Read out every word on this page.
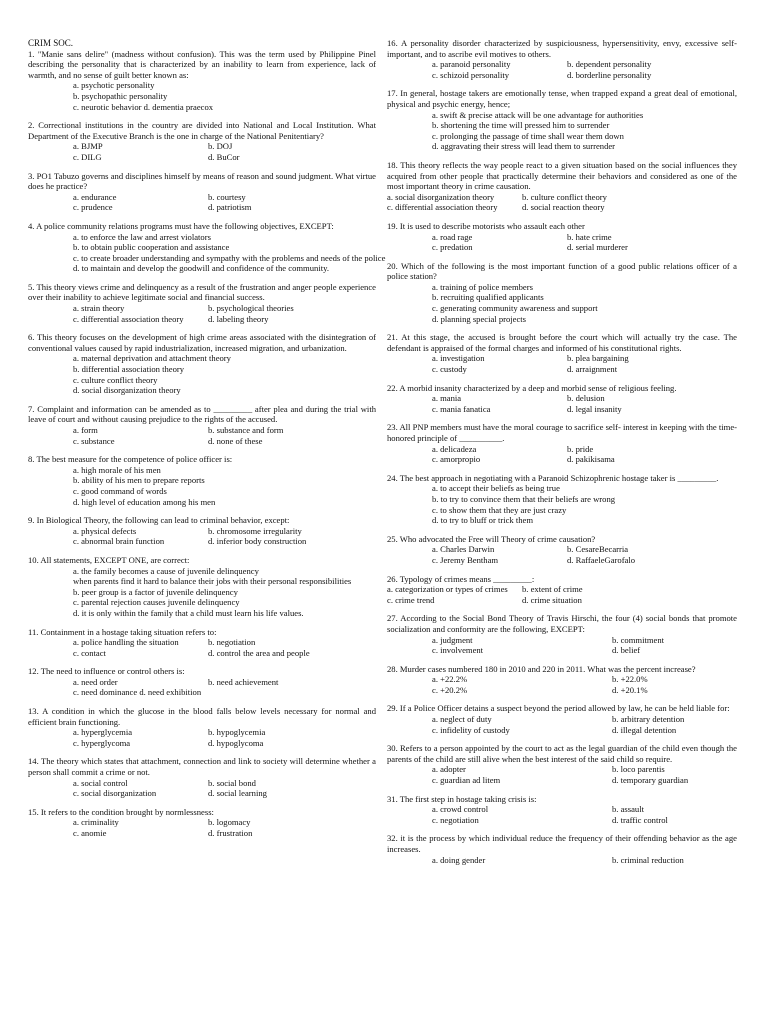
CRIM SOC.
1. "Manie sans delire" (madness without confusion). This was the term used by Philippine Pinel describing the personality that is characterized by an inability to learn from experience, lack of warmth, and no sense of guilt better known as:
a. psychotic personality
b. psychopathic personality
c. neurotic behavior d. dementia praecox
2. Correctional institutions in the country are divided into National and Local Institution. What Department of the Executive Branch is the one in charge of the National Penitentiary?
a. BJMP	b. DOJ
c. DILG	d. BuCor
3. PO1 Tabuzo governs and disciplines himself by means of reason and sound judgment. What virtue does he practice?
a. endurance	b. courtesy
c. prudence	d. patriotism
4. A police community relations programs must have the following objectives, EXCEPT:
a. to enforce the law and arrest violators
b. to obtain public cooperation and assistance
c. to create broader understanding and sympathy with the problems and needs of the police
d. to maintain and develop the goodwill and confidence of the community.
5. This theory views crime and delinquency as a result of the frustration and anger people experience over their inability to achieve legitimate social and financial success.
a. strain theory	b. psychological theories
c. differential association theory	d. labeling theory
6. This theory focuses on the development of high crime areas associated with the disintegration of conventional values caused by rapid industrialization, increased migration, and urbanization.
a. maternal deprivation and attachment theory
b. differential association theory
c. culture conflict theory
d. social disorganization theory
7. Complaint and information can be amended as to _________ after plea and during the trial with leave of court and without causing prejudice to the rights of the accused.
a. form	b. substance and form
c. substance	d. none of these
8. The best measure for the competence of police officer is:
a. high morale of his men
b. ability of his men to prepare reports
c. good command of words
d. high level of education among his men
9. In Biological Theory, the following can lead to criminal behavior, except:
a. physical defects	b. chromosome irregularity
c. abnormal brain function	d. inferior body construction
10. All statements, EXCEPT ONE, are correct:
a. the family becomes a cause of juvenile delinquency
when parents find it hard to balance their jobs with their personal responsibilities
b. peer group is a factor of juvenile delinquency
c. parental rejection causes juvenile delinquency
d. it is only within the family that a child must learn his life values.
11. Containment in a hostage taking situation refers to:
a. police handling the situation	b. negotiation
c. contact	d. control the area and people
12. The need to influence or control others is:
a. need order	b. need achievement
c. need dominance d. need exhibition
13. A condition in which the glucose in the blood falls below levels necessary for normal and efficient brain functioning.
a. hyperglycemia	b. hypoglycemia
c. hyperglycoma	d. hypoglycoma
14. The theory which states that attachment, connection and link to society will determine whether a person shall commit a crime or not.
a. social control	b. social bond
c. social disorganization	d. social learning
15. It refers to the condition brought by normlessness:
a. criminality	b. logomacy
c. anomie	d. frustration
16. A personality disorder characterized by suspiciousness, hypersensitivity, envy, excessive self-important, and to ascribe evil motives to others.
a. paranoid personality	b. dependent personality
c. schizoid personality	d. borderline personality
17. In general, hostage takers are emotionally tense, when trapped expand a great deal of emotional, physical and psychic energy, hence;
a. swift & precise attack will be one advantage for authorities
b. shortening the time will pressed him to surrender
c. prolonging the passage of time shall wear them down
d. aggravating their stress will lead them to surrender
18. This theory reflects the way people react to a given situation based on the social influences they acquired from other people that practically determine their behaviors and considered as one of the most important theory in crime causation.
a. social disorganization theory	b. culture conflict theory
c. differential association theory	d. social reaction theory
19. It is used to describe motorists who assault each other
a. road rage	b. hate crime
c. predation	d. serial murderer
20. Which of the following is the most important function of a good public relations officer of a police station?
a. training of police members
b. recruiting qualified applicants
c. generating community awareness and support
d. planning special projects
21. At this stage, the accused is brought before the court which will actually try the case. The defendant is appraised of the formal charges and informed of his constitutional rights.
a. investigation	b. plea bargaining
c. custody	d. arraignment
22. A morbid insanity characterized by a deep and morbid sense of religious feeling.
a. mania	b. delusion
c. mania fanatica	d. legal insanity
23. All PNP members must have the moral courage to sacrifice self- interest in keeping with the time- honored principle of __________.
a. delicadeza	b. pride
c. amorpropio	d. pakikisama
24. The best approach in negotiating with a Paranoid Schizophrenic hostage taker is _________.
a. to accept their beliefs as being true
b. to try to convince them that their beliefs are wrong
c. to show them that they are just crazy
d. to try to bluff or trick them
25. Who advocated the Free will Theory of crime causation?
a. Charles Darwin	b. CesareBecarria
c. Jeremy Bentham	d. RaffaeleGarofalo
26. Typology of crimes means _________:
a. categorization or types of crimes	b. extent of crime
c. crime trend	d. crime situation
27. According to the Social Bond Theory of Travis Hirschi, the four (4) social bonds that promote socialization and conformity are the following, EXCEPT:
a. judgment	b. commitment
c. involvement	d. belief
28. Murder cases numbered 180 in 2010 and 220 in 2011. What was the percent increase?
a. +22.2%	b. +22.0%
c. +20.2%	d. +20.1%
29. If a Police Officer detains a suspect beyond the period allowed by law, he can be held liable for:
a. neglect of duty	b. arbitrary detention
c. infidelity of custody	d. illegal detention
30. Refers to a person appointed by the court to act as the legal guardian of the child even though the parents of the child are still alive when the best interest of the said child so require.
a. adopter	b. loco parentis
c. guardian ad litem	d. temporary guardian
31. The first step in hostage taking crisis is:
a. crowd control	b. assault
c. negotiation	d. traffic control
32. it is the process by which individual reduce the frequency of their offending behavior as the age increases.
a. doing gender	b. criminal reduction
